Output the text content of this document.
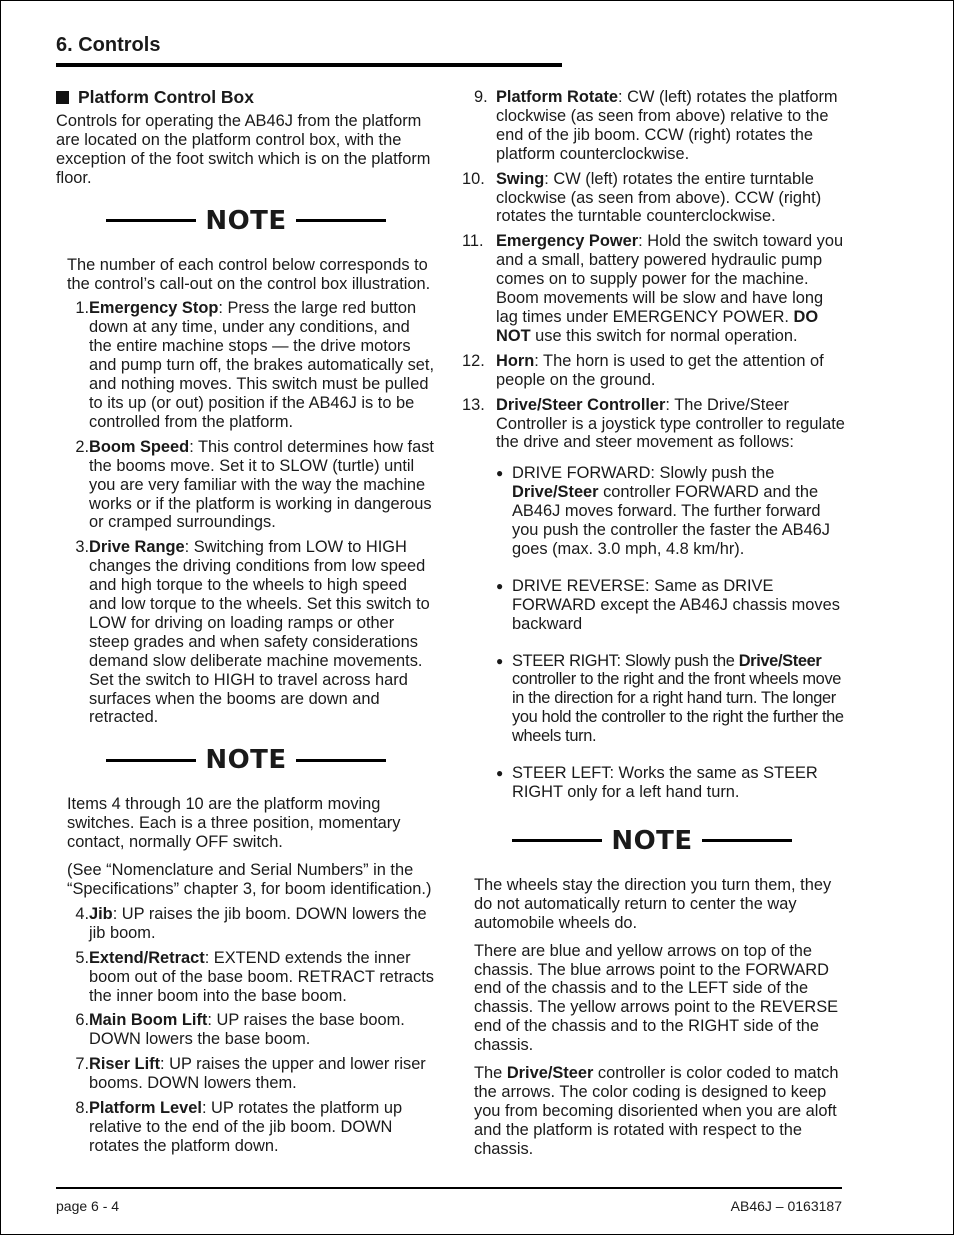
6. Controls
Platform Control Box

Controls for operating the AB46J from the platform are located on the platform control box, with the exception of the foot switch which is on the platform floor.

NOTE

The number of each control below corresponds to the control’s call-out on the control box illustration.

1. Emergency Stop: Press the large red button down at any time, under any conditions, and the entire machine stops — the drive motors and pump turn off, the brakes automatically set, and nothing moves. This switch must be pulled to its up (or out) position if the AB46J is to be controlled from the platform.
2. Boom Speed: This control determines how fast the booms move. Set it to SLOW (turtle) until you are very familiar with the way the machine works or if the platform is working in dangerous or cramped surroundings.
3. Drive Range: Switching from LOW to HIGH changes the driving conditions from low speed and high torque to the wheels to high speed and low torque to the wheels. Set this switch to LOW for driving on loading ramps or other steep grades and when safety considerations demand slow deliberate machine movements. Set the switch to HIGH to travel across hard surfaces when the booms are down and retracted.
NOTE

Items 4 through 10 are the platform moving switches. Each is a three position, momentary contact, normally OFF switch.

(See “Nomenclature and Serial Numbers” in the “Specifications” chapter 3, for boom identification.)

4. Jib: UP raises the jib boom. DOWN lowers the jib boom.
5. Extend/Retract: EXTEND extends the inner boom out of the base boom. RETRACT retracts the inner boom into the base boom.
6. Main Boom Lift: UP raises the base boom. DOWN lowers the base boom.
7. Riser Lift: UP raises the upper and lower riser booms. DOWN lowers them.
8. Platform Level: UP rotates the platform up relative to the end of the jib boom. DOWN rotates the platform down.
9. Platform Rotate: CW (left) rotates the platform clockwise (as seen from above) relative to the end of the jib boom. CCW (right) rotates the platform counterclockwise.
10. Swing: CW (left) rotates the entire turntable clockwise (as seen from above). CCW (right) rotates the turntable counterclockwise.
11. Emergency Power: Hold the switch toward you and a small, battery powered hydraulic pump comes on to supply power for the machine. Boom movements will be slow and have long lag times under EMERGENCY POWER. DO NOT use this switch for normal operation.
12. Horn: The horn is used to get the attention of people on the ground.
13. Drive/Steer Controller: The Drive/Steer Controller is a joystick type controller to regulate the drive and steer movement as follows:
● DRIVE FORWARD: Slowly push the Drive/Steer controller FORWARD and the AB46J moves forward. The further forward you push the controller the faster the AB46J goes (max. 3.0 mph, 4.8 km/hr).
● DRIVE REVERSE: Same as DRIVE FORWARD except the AB46J chassis moves backward
● STEER RIGHT: Slowly push the Drive/Steer controller to the right and the front wheels move in the direction for a right hand turn. The longer you hold the controller to the right the further the wheels turn.
● STEER LEFT: Works the same as STEER RIGHT only for a left hand turn.
NOTE

The wheels stay the direction you turn them, they do not automatically return to center the way automobile wheels do.

There are blue and yellow arrows on top of the chassis. The blue arrows point to the FORWARD end of the chassis and to the LEFT side of the chassis. The yellow arrows point to the REVERSE end of the chassis and to the RIGHT side of the chassis.

The Drive/Steer controller is color coded to match the arrows. The color coding is designed to keep you from becoming disoriented when you are aloft and the platform is rotated with respect to the chassis.

page 6 - 4	AB46J – 0163187
